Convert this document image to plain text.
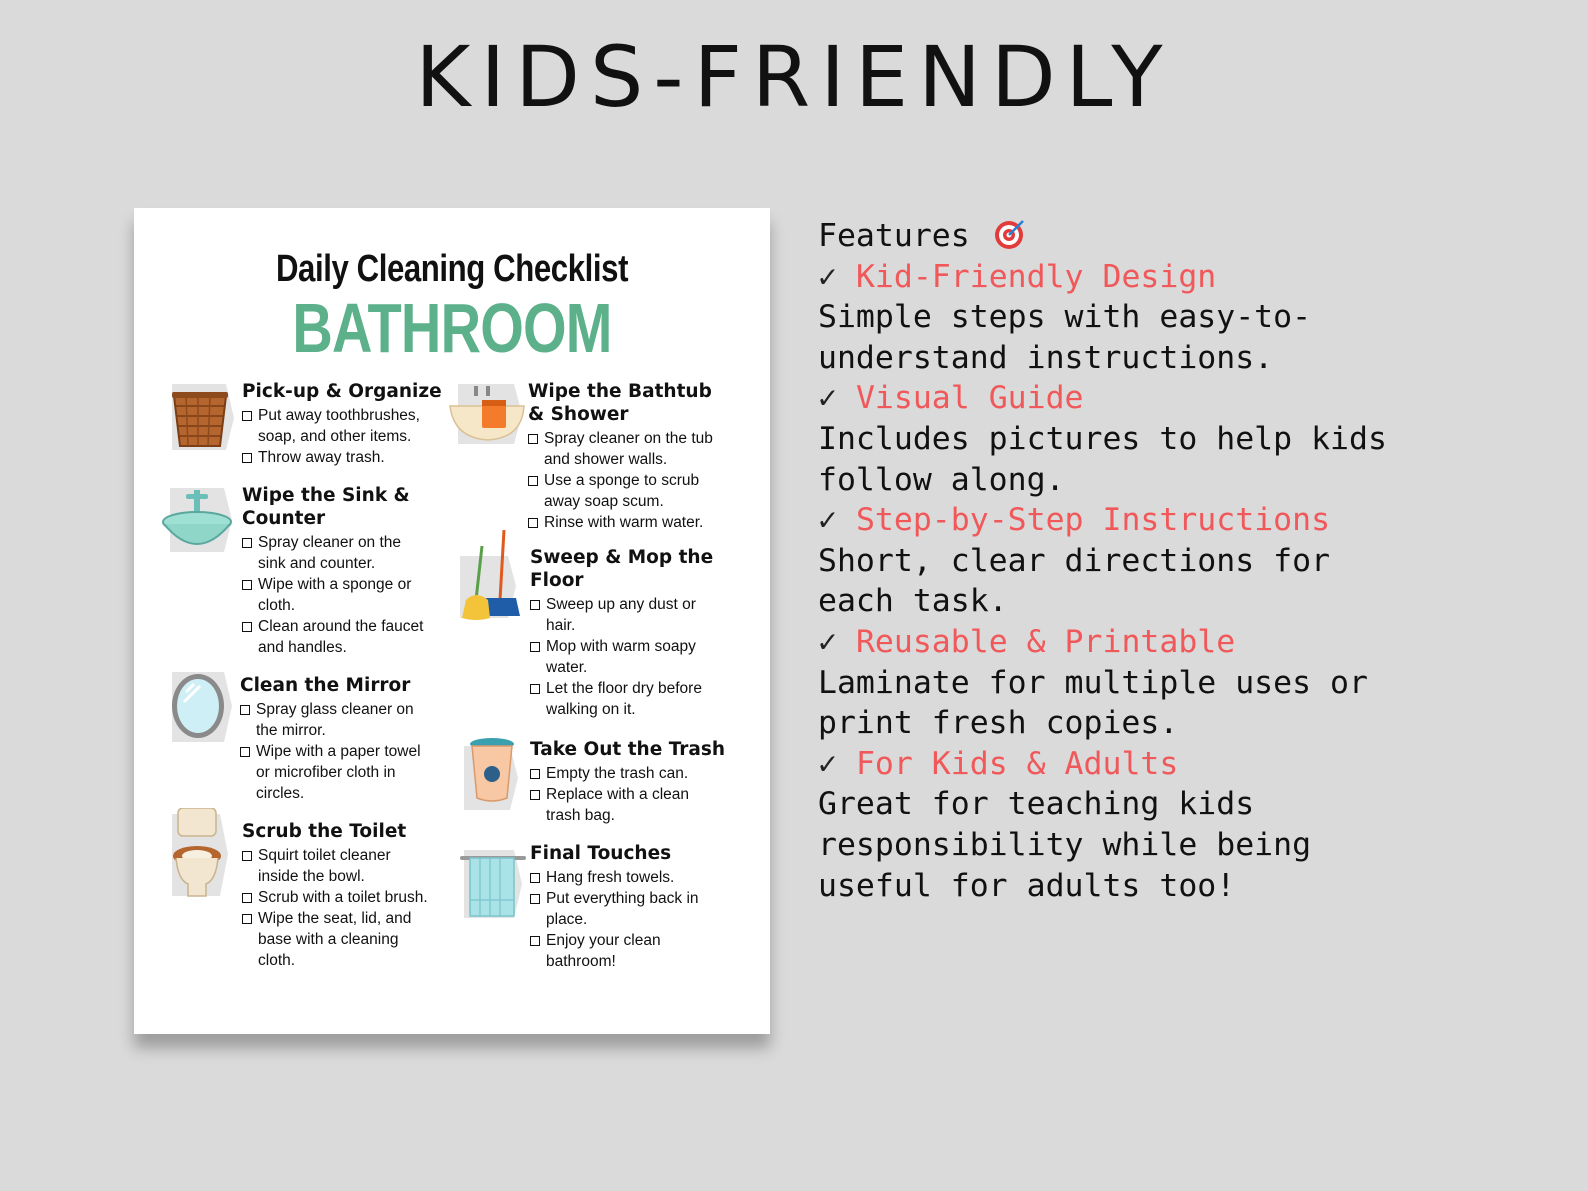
KIDS-FRIENDLY
Daily Cleaning Checklist
BATHROOM
Pick-up & Organize
Put away toothbrushes,
soap, and other items.
Throw away trash.
Wipe the Sink &
Counter
Spray cleaner on the
sink and counter.
Wipe with a sponge or
cloth.
Clean around the faucet
and handles.
Clean the Mirror
Spray glass cleaner on
the mirror.
Wipe with a paper towel
or microfiber cloth in
circles.
Scrub the Toilet
Squirt toilet cleaner
inside the bowl.
Scrub with a toilet brush.
Wipe the seat, lid, and
base with a cleaning
cloth.
Wipe the Bathtub
& Shower
Spray cleaner on the tub
and shower walls.
Use a sponge to scrub
away soap scum.
Rinse with warm water.
Sweep & Mop the
Floor
Sweep up any dust or
hair.
Mop with warm soapy
water.
Let the floor dry before
walking on it.
Take Out the Trash
Empty the trash can.
Replace with a clean
trash bag.
Final Touches
Hang fresh towels.
Put everything back in
place.
Enjoy your clean
bathroom!
Features
✓ Kid-Friendly Design
Simple steps with easy-to-
understand instructions.
✓ Visual Guide
Includes pictures to help kids
follow along.
✓ Step-by-Step Instructions
Short, clear directions for
each task.
✓ Reusable & Printable
Laminate for multiple uses or
print fresh copies.
✓ For Kids & Adults
Great for teaching kids
responsibility while being
useful for adults too!
